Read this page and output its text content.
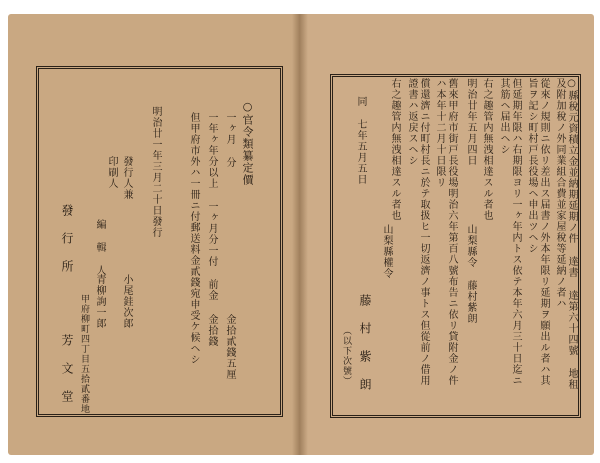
○官令類纂定價
一ヶ月 分
金拾貳錢五厘
一年ヶ年分以上 一ヶ月分一付 前金
金拾錢
但甲府市外ハ一冊ニ付郵送料金貳錢宛申受ケ候ヘシ
明治廿一年三月二十日發行
發行人兼
印刷人
小尾銈次郎
編 輯 人
青柳詢一郎
發 行 所
甲府柳町四丁目五拾貳番地
芳 文 堂	○縣稅元資積立金並納期延期ノ件 達書 達第六十四號 地租及附加稅ノ外同業組合費並家屋稅等延納ノ者ハ
從來ノ規則ニ依リ差出ス届書ノ外本年限リ延期ヲ願出ル者ハ其旨ヲ記シ町村戸長役場ヘ申出ツヘシ
但延期年限ハ右期限ヨリ一ヶ年内トス依テ本年六月三十日迄ニ其筋ヘ届出ヘシ
右之趣管内無洩相達スル者也
明治廿年五月四日
山梨縣令 藤村紫朗
舊來甲府市街戸長役場明治六年第百八號布告ニ依リ貸附金ノ件ハ本年十二月十日限リ
償還濟ニ付町村長ニ於テ取扱ヒ一切返濟ノ事トス但從前ノ借用證書ハ返戻スヘシ
右之趣管内無洩相達スル者也
同 七年五月五日
山梨縣權令
藤 村 紫 朗
（以下次號）
